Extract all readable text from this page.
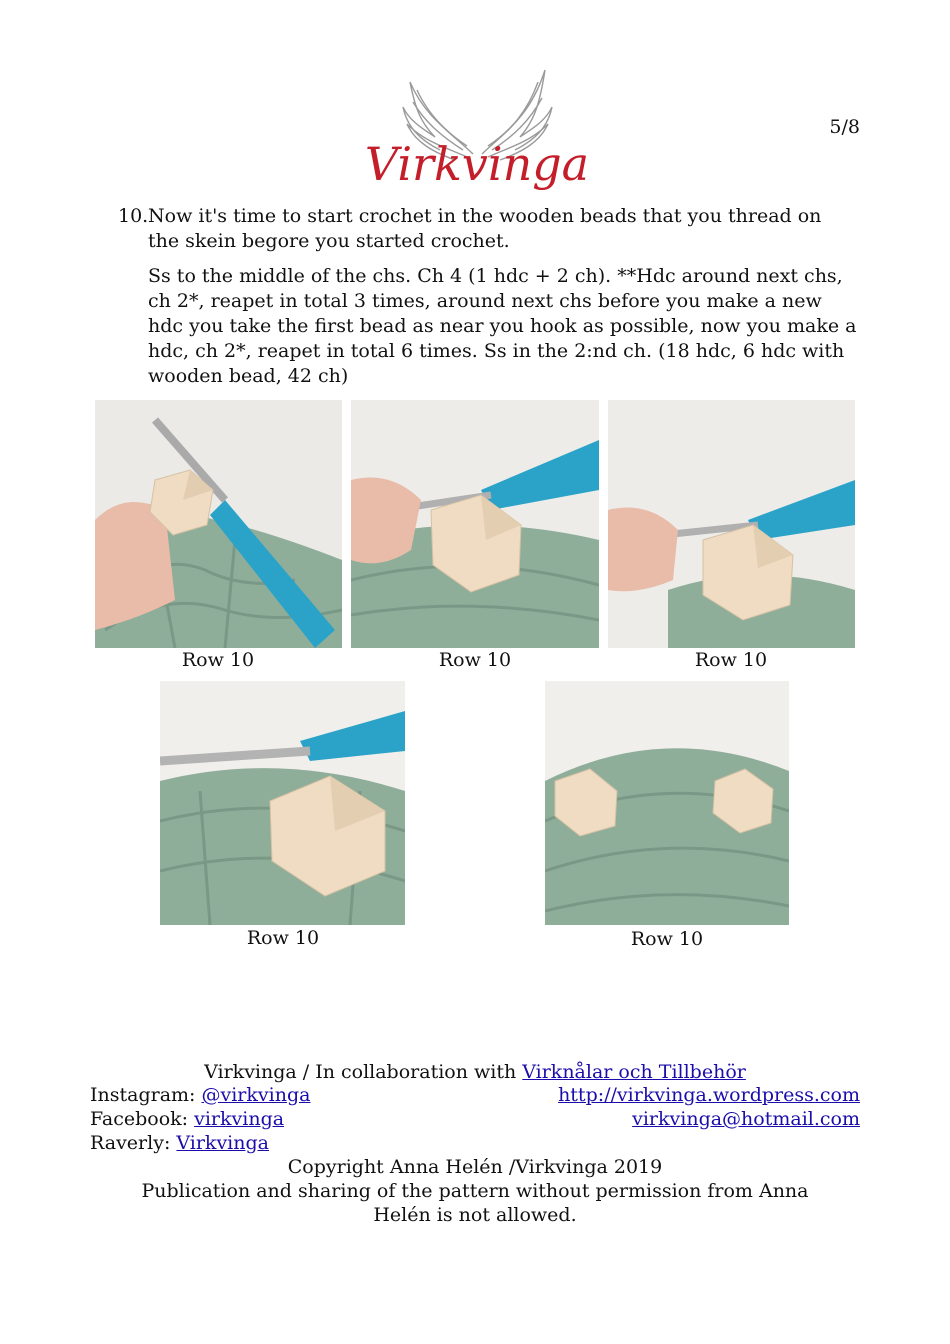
Virkvinga
5/8
10. Now it's time to start crochet in the wooden beads that you thread on the skein begore you started crochet.
Ss to the middle of the chs. Ch 4 (1 hdc + 2 ch). **Hdc around next chs, ch 2*, reapet in total 3 times, around next chs before you make a new hdc you take the first bead as near you hook as possible, now you make a hdc, ch 2*, reapet in total 6 times. Ss in the 2:nd ch. (18 hdc, 6 hdc with wooden bead, 42 ch)
Row 10	Row 10	Row 10
Row 10	Row 10
Virkvinga / In collaboration with Virknålar och Tillbehör
Instagram: @virkvinga	http://virkvinga.wordpress.com
Facebook: virkvinga	virkvinga@hotmail.com
Raverly: Virkvinga
Copyright Anna Helén /Virkvinga 2019
Publication and sharing of the pattern without permission from Anna Helén is not allowed.
